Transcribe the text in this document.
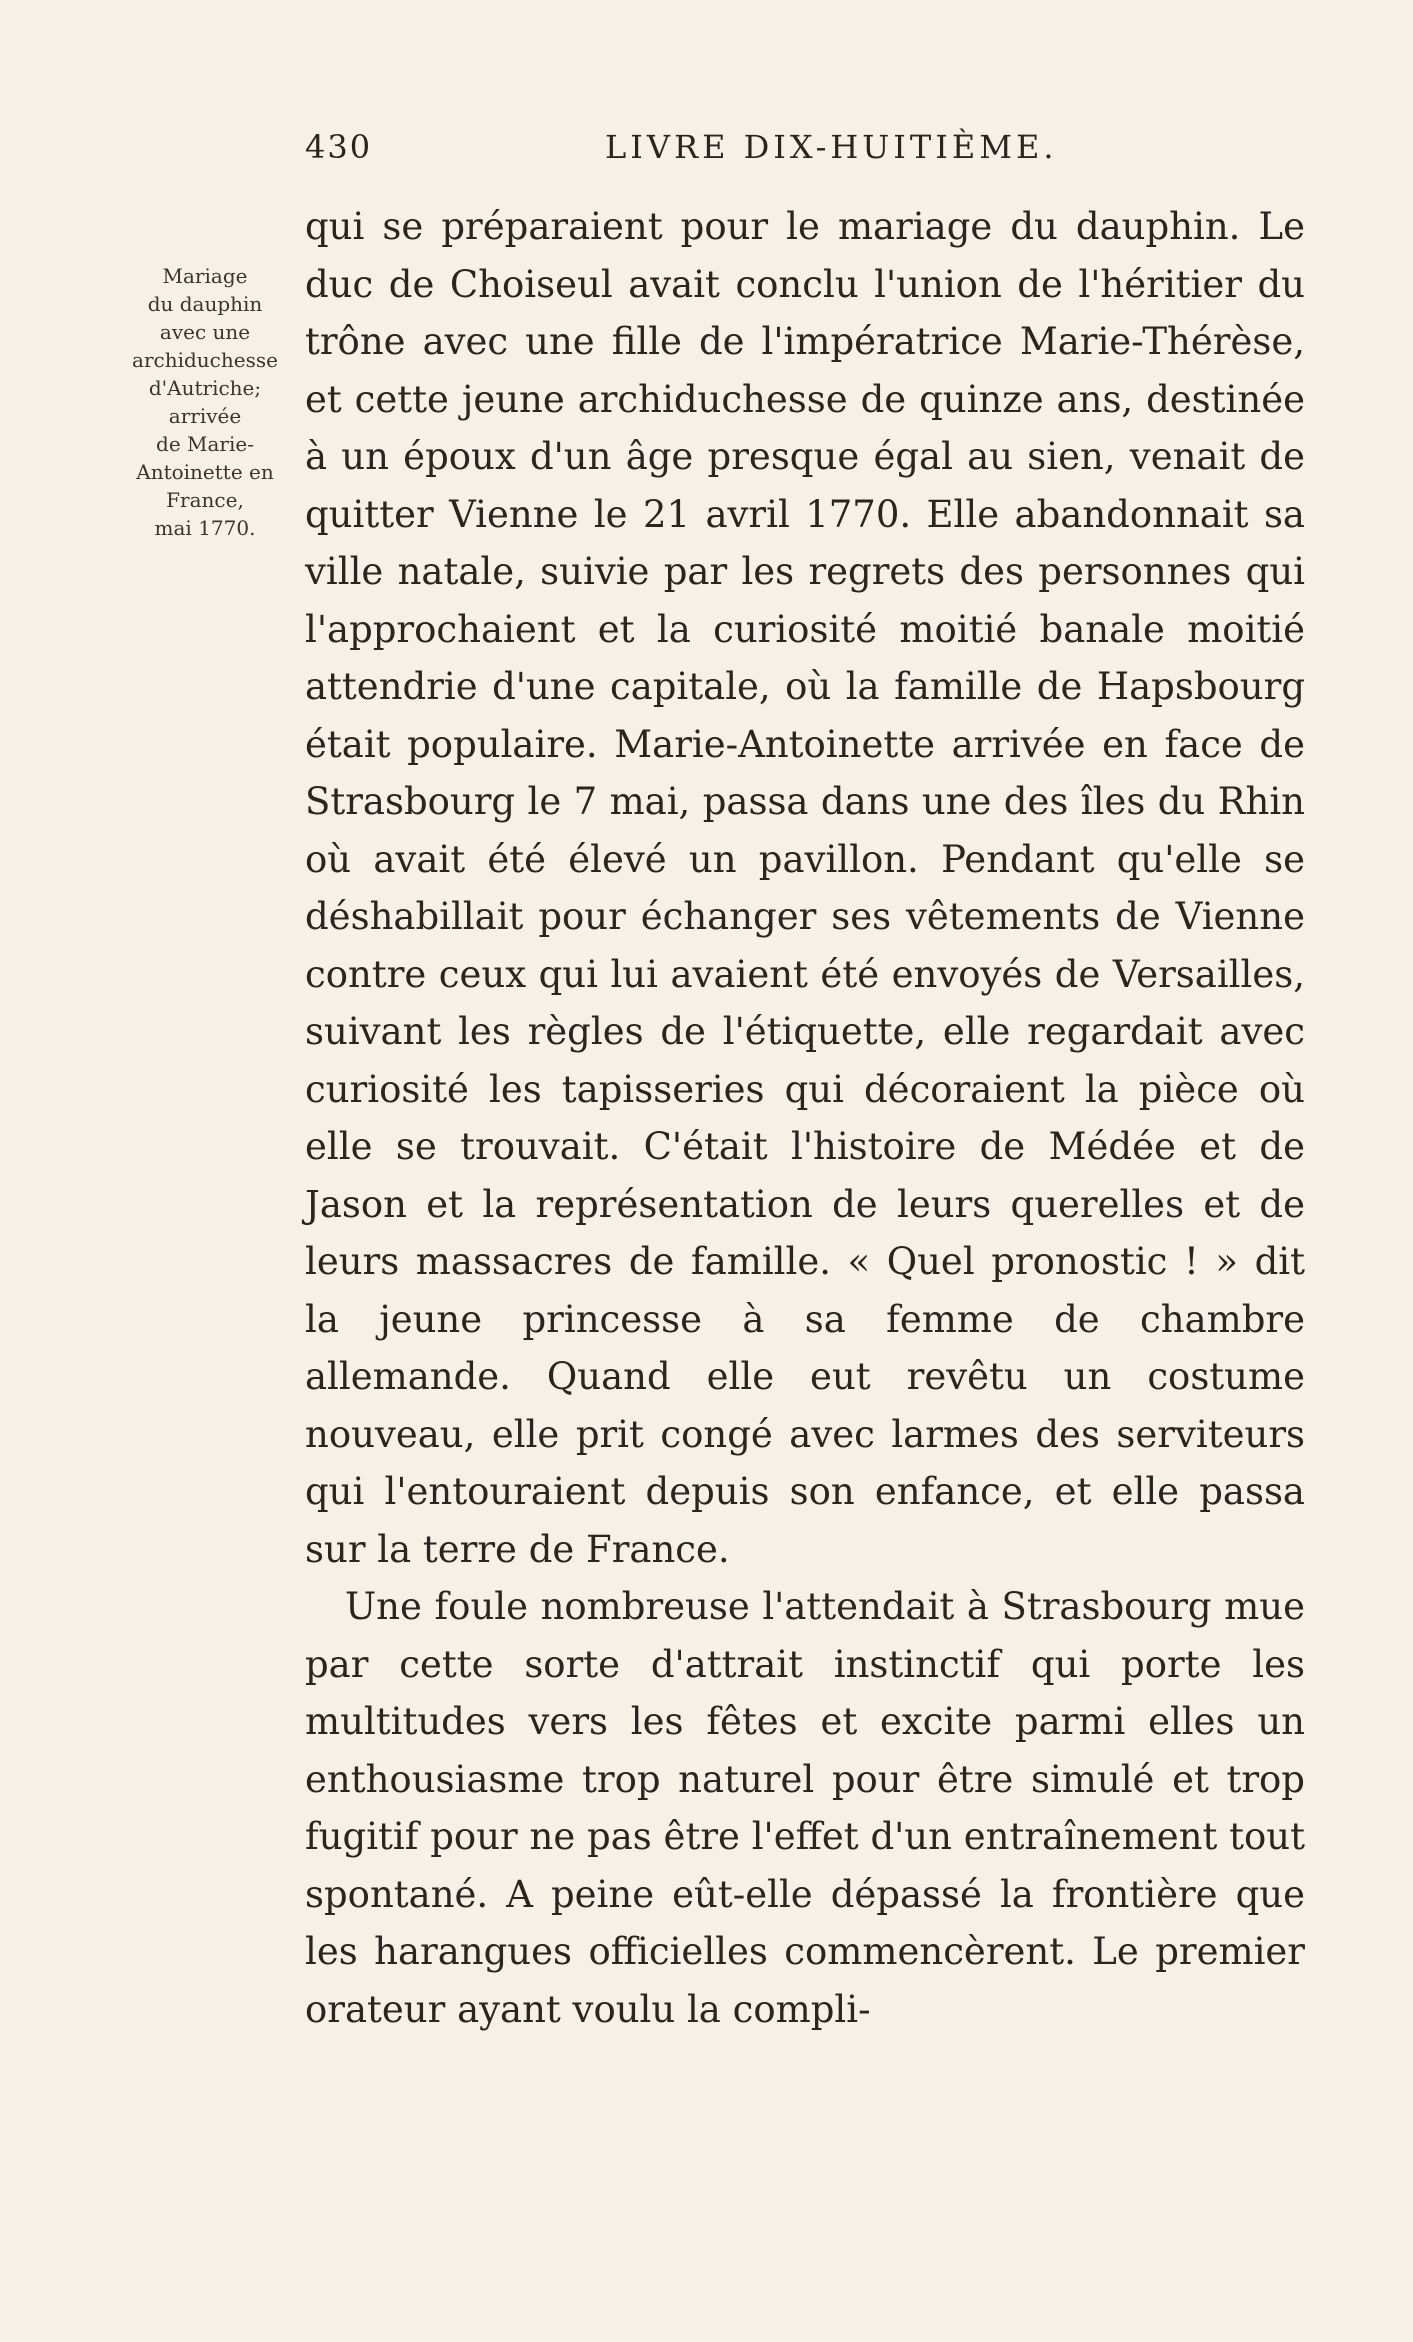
430	LIVRE DIX-HUITIÈME.
Mariage
du dauphin
avec une
archiduchesse
d'Autriche;
arrivée
de Marie-
Antoinette en
France,
mai 1770.

qui se préparaient pour le mariage du dauphin. Le duc de Choiseul avait conclu l'union de l'héritier du trône avec une fille de l'impératrice Marie-Thérèse, et cette jeune archiduchesse de quinze ans, destinée à un époux d'un âge presque égal au sien, venait de quitter Vienne le 21 avril 1770. Elle abandonnait sa ville natale, suivie par les regrets des personnes qui l'approchaient et la curiosité moitié banale moitié attendrie d'une capitale, où la famille de Hapsbourg était populaire. Marie-Antoinette arrivée en face de Strasbourg le 7 mai, passa dans une des îles du Rhin où avait été élevé un pavillon. Pendant qu'elle se déshabillait pour échanger ses vêtements de Vienne contre ceux qui lui avaient été envoyés de Versailles, suivant les règles de l'étiquette, elle regardait avec curiosité les tapisseries qui décoraient la pièce où elle se trouvait. C'était l'histoire de Médée et de Jason et la représentation de leurs querelles et de leurs massacres de famille. « Quel pronostic ! » dit la jeune princesse à sa femme de chambre allemande. Quand elle eut revêtu un costume nouveau, elle prit congé avec larmes des serviteurs qui l'entouraient depuis son enfance, et elle passa sur la terre de France.

Une foule nombreuse l'attendait à Strasbourg mue par cette sorte d'attrait instinctif qui porte les multitudes vers les fêtes et excite parmi elles un enthousiasme trop naturel pour être simulé et trop fugitif pour ne pas être l'effet d'un entraînement tout spontané. A peine eût-elle dépassé la frontière que les harangues officielles commencèrent. Le premier orateur ayant voulu la compli-
